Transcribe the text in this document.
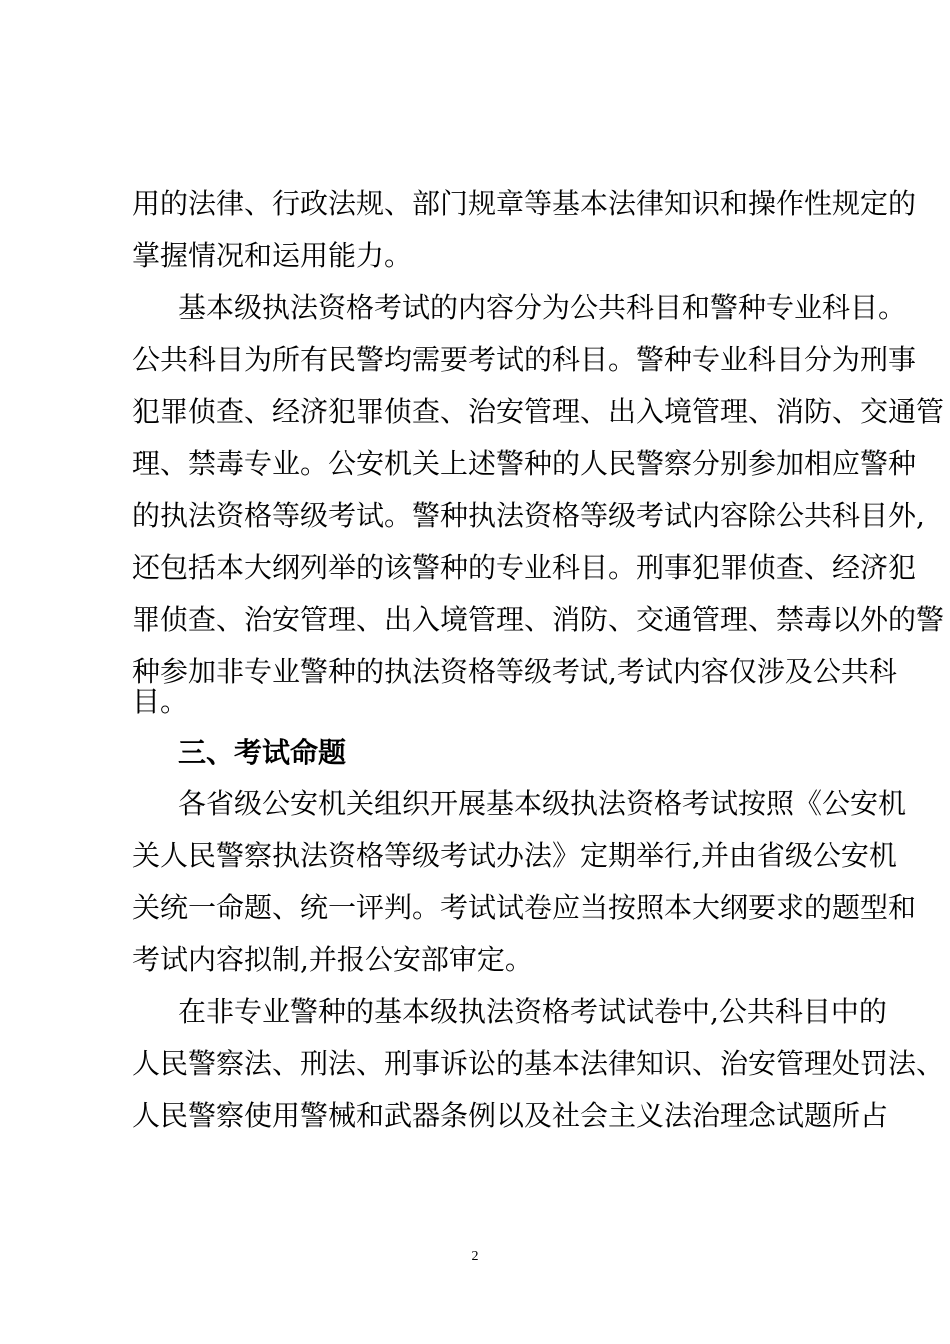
用的法律、行政法规、部门规章等基本法律知识和操作性规定的
掌握情况和运用能力。
基本级执法资格考试的内容分为公共科目和警种专业科目。
公共科目为所有民警均需要考试的科目。警种专业科目分为刑事
犯罪侦查、经济犯罪侦查、治安管理、出入境管理、消防、交通管
理、禁毒专业。公安机关上述警种的人民警察分别参加相应警种
的执法资格等级考试。警种执法资格等级考试内容除公共科目外,
还包括本大纲列举的该警种的专业科目。刑事犯罪侦查、经济犯
罪侦查、治安管理、出入境管理、消防、交通管理、禁毒以外的警
种参加非专业警种的执法资格等级考试,考试内容仅涉及公共科
目。
三、考试命题
各省级公安机关组织开展基本级执法资格考试按照《公安机
关人民警察执法资格等级考试办法》定期举行,并由省级公安机
关统一命题、统一评判。考试试卷应当按照本大纲要求的题型和
考试内容拟制,并报公安部审定。
在非专业警种的基本级执法资格考试试卷中,公共科目中的
人民警察法、刑法、刑事诉讼的基本法律知识、治安管理处罚法、
人民警察使用警械和武器条例以及社会主义法治理念试题所占
2
